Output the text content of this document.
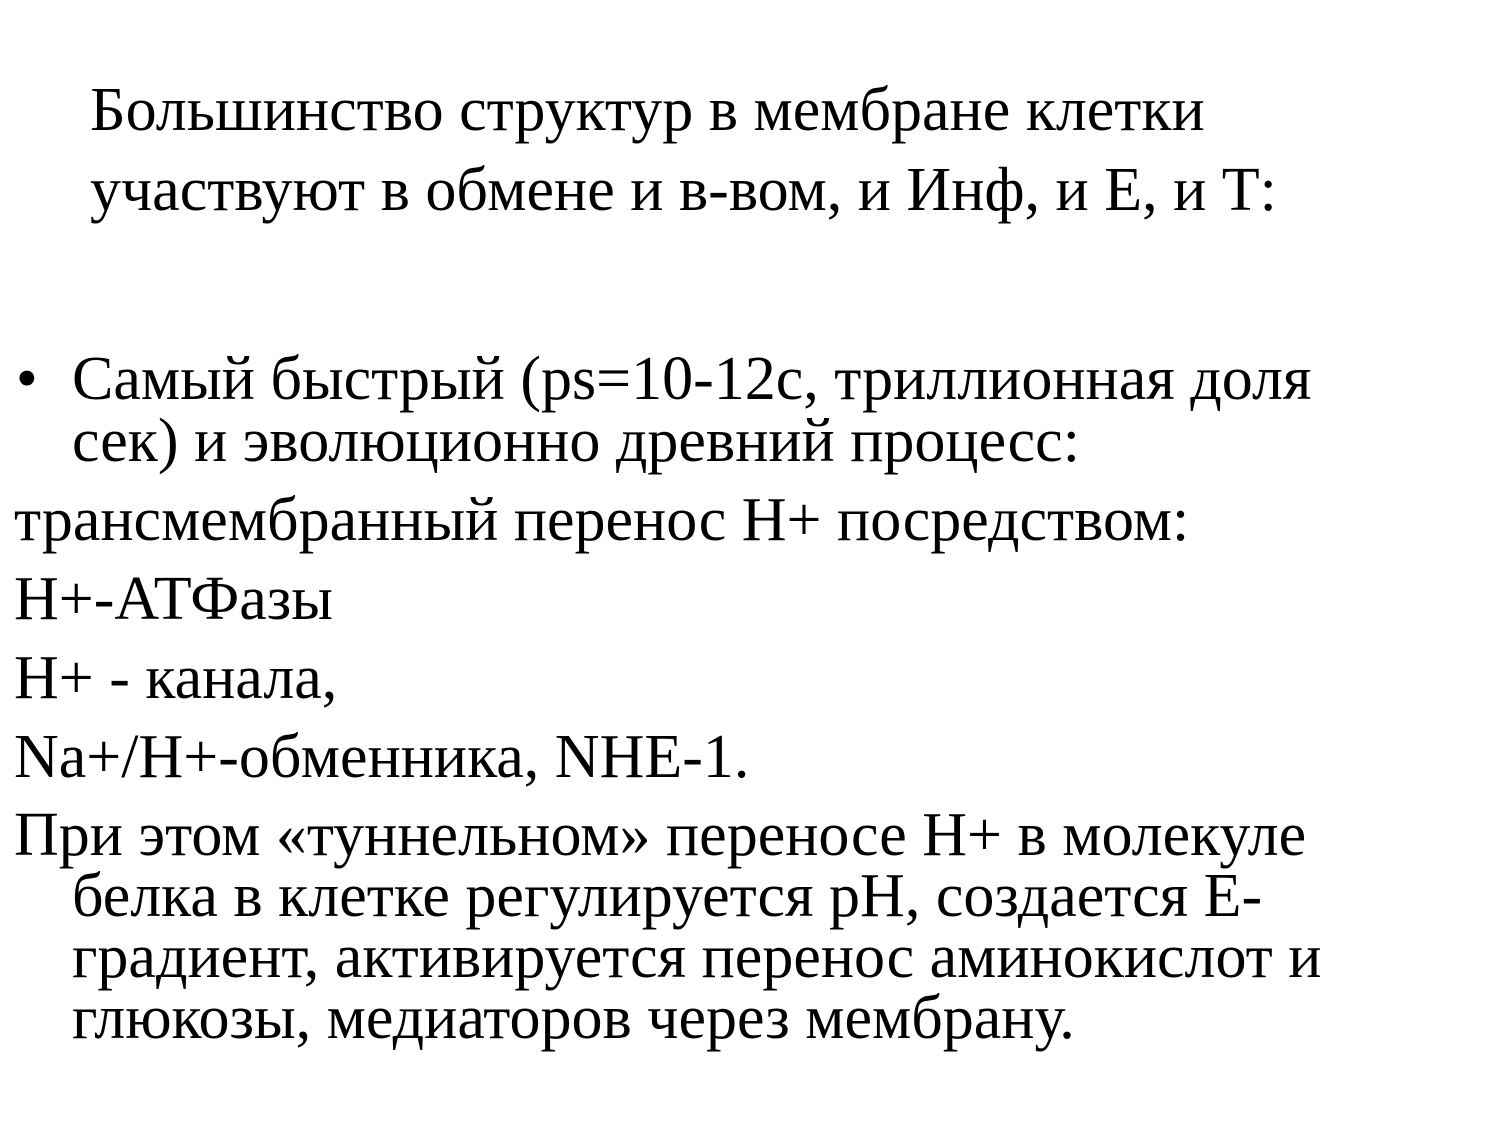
Большинство структур в мембране клетки
участвуют в обмене и в-вом, и Инф, и Е, и Т:
• Самый быстрый (ps=10-12с, триллионная доля
сек) и эволюционно древний процесс:
трансмембранный перенос Н+ посредством:
Н+-АТФазы
Н+ - канала,
Na+/H+-обменника, NHE-1.
При этом «туннельном» переносе Н+ в молекуле
белка в клетке регулируется рН, создается Е-
градиент, активируется перенос аминокислот и
глюкозы, медиаторов через мембрану.
